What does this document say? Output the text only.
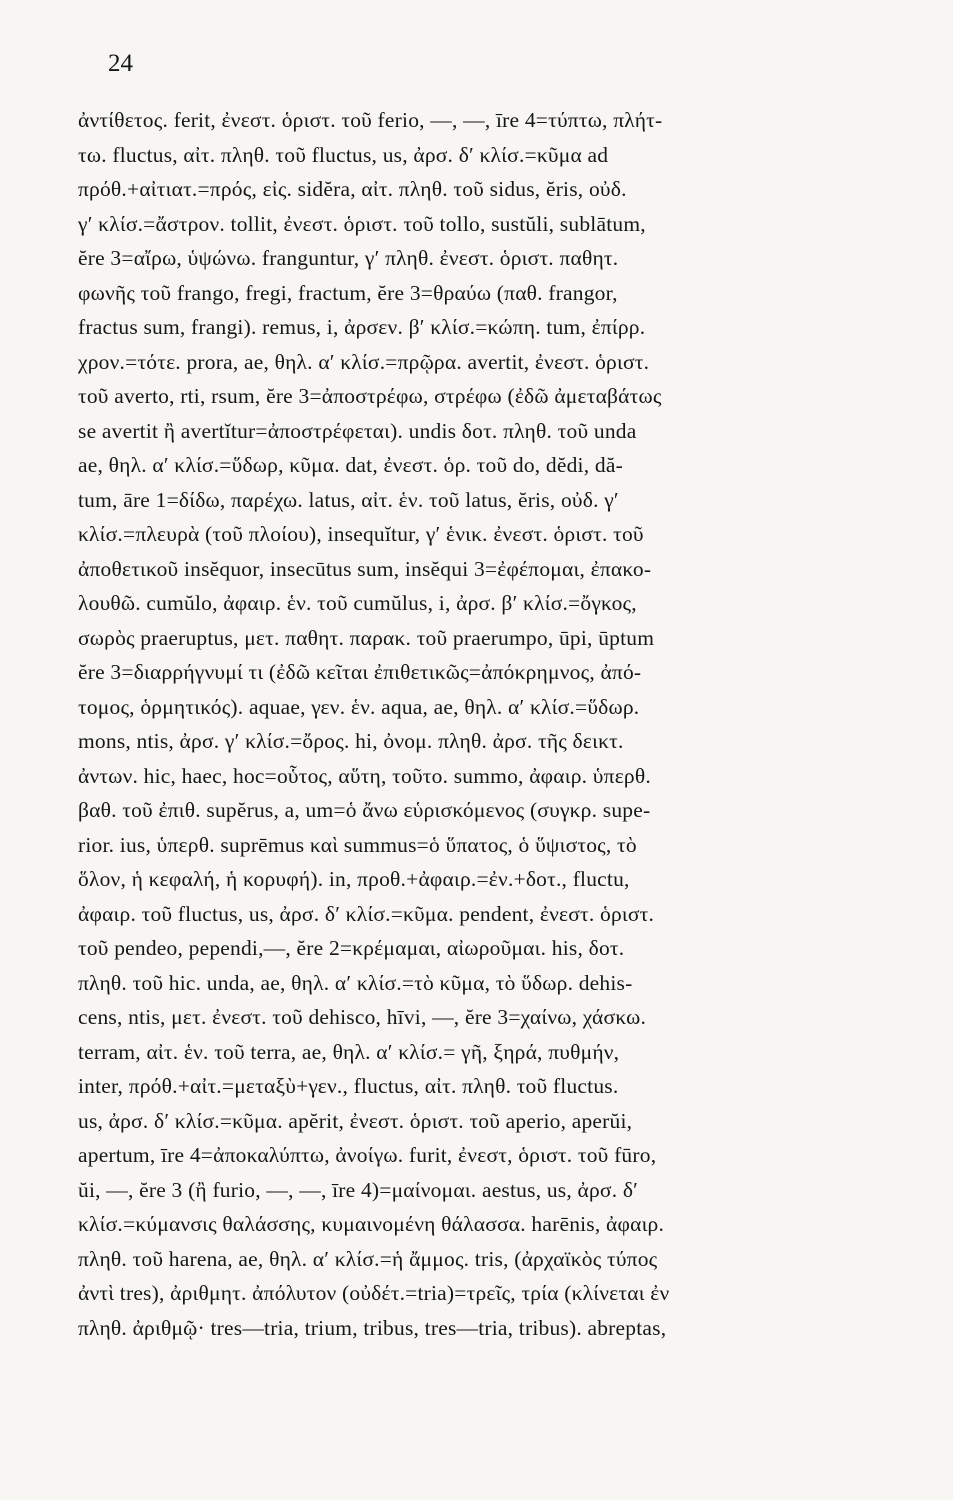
24
ἀντίθετος. ferit, ἐνεστ. ὁριστ. τοῦ ferio, —, —, īre 4=τύπτω, πλήτ-
τω. fluctus, αἰτ. πληθ. τοῦ fluctus, us, ἀρσ. δ′ κλίσ.=κῦμα ad
πρόθ.+αἰτιατ.=πρός, εἰς. sidĕra, αἰτ. πληθ. τοῦ sidus, ĕris, οὐδ.
γ′ κλίσ.=ἄστρον. tollit, ἐνεστ. ὁριστ. τοῦ tollo, sustŭli, sublātum,
ĕre 3=αἴρω, ὑψώνω. franguntur, γ′ πληθ. ἐνεστ. ὁριστ. παθητ.
φωνῆς τοῦ frango, fregi, fractum, ĕre 3=θραύω (παθ. frangor,
fractus sum, frangi). remus, i, ἀρσεν. β′ κλίσ.=κώπη. tum, ἐπίρρ.
χρον.=τότε. prora, ae, θηλ. α′ κλίσ.=πρῷρα. avertit, ἐνεστ. ὁριστ.
τοῦ averto, rti, rsum, ĕre 3=ἀποστρέφω, στρέφω (ἐδῶ ἀμεταβάτως
se avertit ἢ avertĭtur=ἀποστρέφεται). undis δοτ. πληθ. τοῦ unda
ae, θηλ. α′ κλίσ.=ὕδωρ, κῦμα. dat, ἐνεστ. ὁρ. τοῦ do, dĕdi, dă-
tum, āre 1=δίδω, παρέχω. latus, αἰτ. ἑν. τοῦ latus, ĕris, οὐδ. γ′
κλίσ.=πλευρὰ (τοῦ πλοίου), insequĭtur, γ′ ἑνικ. ἐνεστ. ὁριστ. τοῦ
ἀποθετικοῦ insĕquor, insecūtus sum, insĕqui 3=ἐφέπομαι, ἐπακο-
λουθῶ. cumŭlo, ἀφαιρ. ἑν. τοῦ cumŭlus, i, ἀρσ. β′ κλίσ.=ὄγκος,
σωρὸς praeruptus, μετ. παθητ. παρακ. τοῦ praerumpo, ūpi, ūptum
ĕre 3=διαρρήγνυμί τι (ἐδῶ κεῖται ἐπιθετικῶς=ἀπόκρημνος, ἀπό-
τομος, ὁρμητικός). aquae, γεν. ἑν. aqua, ae, θηλ. α′ κλίσ.=ὕδωρ.
mons, ntis, ἀρσ. γ′ κλίσ.=ὄρος. hi, ὀνομ. πληθ. ἀρσ. τῆς δεικτ.
ἀντων. hic, haec, hoc=οὗτος, αὕτη, τοῦτο. summo, ἀφαιρ. ὑπερθ.
βαθ. τοῦ ἐπιθ. supĕrus, a, um=ὁ ἄνω εὑρισκόμενος (συγκρ. supe-
rior. ius, ὑπερθ. suprēmus καὶ summus=ὁ ὕπατος, ὁ ὕψιστος, τὸ
ὅλον, ἡ κεφαλή, ἡ κορυφή). in, προθ.+ἀφαιρ.=ἐν.+δοτ., fluctu,
ἀφαιρ. τοῦ fluctus, us, ἀρσ. δ′ κλίσ.=κῦμα. pendent, ἐνεστ. ὁριστ.
τοῦ pendeo, pependi,—, ĕre 2=κρέμαμαι, αἰωροῦμαι. his, δοτ.
πληθ. τοῦ hic. unda, ae, θηλ. α′ κλίσ.=τὸ κῦμα, τὸ ὕδωρ. dehis-
cens, ntis, μετ. ἐνεστ. τοῦ dehisco, hīvi, —, ĕre 3=χαίνω, χάσκω.
terram, αἰτ. ἑν. τοῦ terra, ae, θηλ. α′ κλίσ.= γῆ, ξηρά, πυθμήν,
inter, πρόθ.+αἰτ.=μεταξὺ+γεν., fluctus, αἰτ. πληθ. τοῦ fluctus.
us, ἀρσ. δ′ κλίσ.=κῦμα. apĕrit, ἐνεστ. ὁριστ. τοῦ aperio, aperŭi,
apertum, īre 4=ἀποκαλύπτω, ἀνοίγω. furit, ἐνεστ, ὁριστ. τοῦ fūro,
ŭi, —, ĕre 3 (ἢ furio, —, —, īre 4)=μαίνομαι. aestus, us, ἀρσ. δ′
κλίσ.=κύμανσις θαλάσσης, κυμαινομένη θάλασσα. harēnis, ἀφαιρ.
πληθ. τοῦ harena, ae, θηλ. α′ κλίσ.=ἡ ἄμμος. tris, (ἀρχαϊκὸς τύπος
ἀντὶ tres), ἀριθμητ. ἀπόλυτον (οὐδέτ.=tria)=τρεῖς, τρία (κλίνεται ἐν
πληθ. ἀριθμῷ· tres—tria, trium, tribus, tres—tria, tribus). abreptas,
